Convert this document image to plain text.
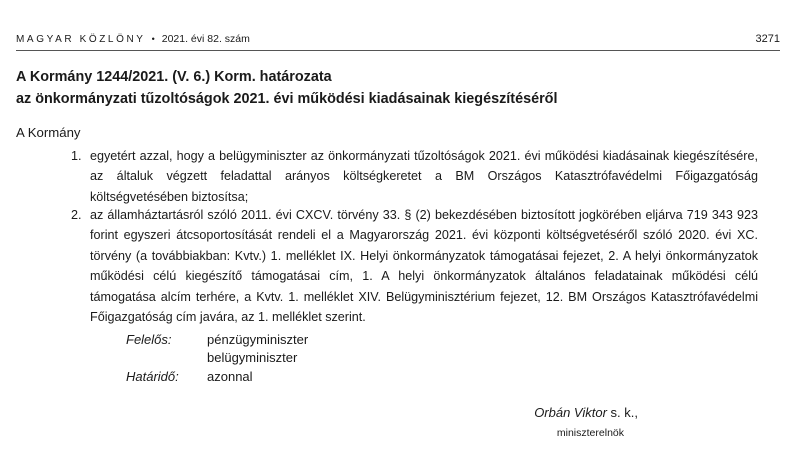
MAGYAR KÖZLÖNY • 2021. évi 82. szám	3271
A Kormány 1244/2021. (V. 6.) Korm. határozata
az önkormányzati tűzoltóságok 2021. évi működési kiadásainak kiegészítéséről
A Kormány
1. egyetért azzal, hogy a belügyminiszter az önkormányzati tűzoltóságok 2021. évi működési kiadásainak kiegészítésére, az általuk végzett feladattal arányos költségkeretet a BM Országos Katasztrófavédelmi Főigazgatóság költségvetésében biztosítsa;
2. az államháztartásról szóló 2011. évi CXCV. törvény 33. § (2) bekezdésében biztosított jogkörében eljárva 719 343 923 forint egyszeri átcsoportosítását rendeli el a Magyarország 2021. évi központi költségvetéséről szóló 2020. évi XC. törvény (a továbbiakban: Kvtv.) 1. melléklet IX. Helyi önkormányzatok támogatásai fejezet, 2. A helyi önkormányzatok működési célú kiegészítő támogatásai cím, 1. A helyi önkormányzatok általános feladatainak működési célú támogatása alcím terhére, a Kvtv. 1. melléklet XIV. Belügyminisztérium fejezet, 12. BM Országos Katasztrófavédelmi Főigazgatóság cím javára, az 1. melléklet szerint.
Felelős:	pénzügyminiszter
belügyminiszter
Határidő: azonnal
Orbán Viktor s. k.,
miniszterelnök
